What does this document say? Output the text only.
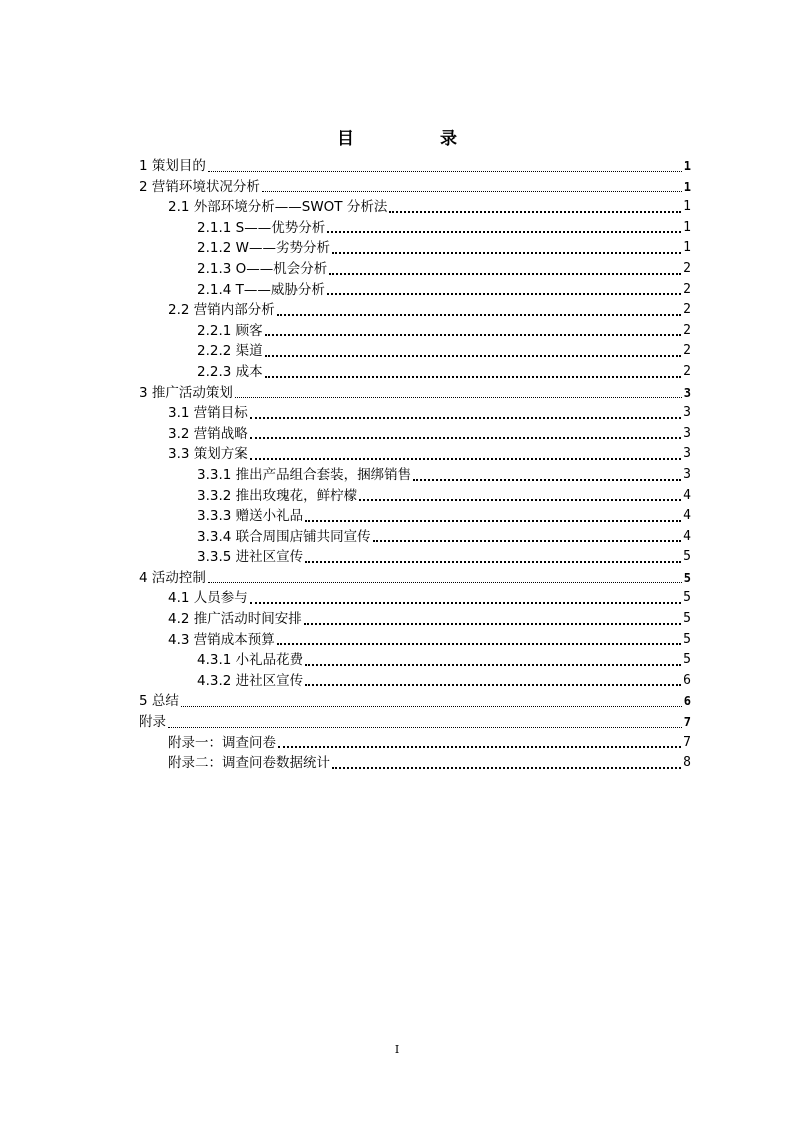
目 录
1 策划目的	1
2 营销环境状况分析	1
2.1 外部环境分析——SWOT 分析法	1
2.1.1 S——优势分析	1
2.1.2 W——劣势分析	1
2.1.3 O——机会分析	2
2.1.4 T——威胁分析	2
2.2 营销内部分析	2
2.2.1 顾客	2
2.2.2 渠道	2
2.2.3 成本	2
3 推广活动策划	3
3.1 营销目标	3
3.2 营销战略	3
3.3 策划方案	3
3.3.1 推出产品组合套装，捆绑销售	3
3.3.2 推出玫瑰花，鲜柠檬	4
3.3.3 赠送小礼品	4
3.3.4 联合周围店铺共同宣传	4
3.3.5 进社区宣传	5
4 活动控制	5
4.1 人员参与	5
4.2 推广活动时间安排	5
4.3 营销成本预算	5
4.3.1 小礼品花费	5
4.3.2 进社区宣传	6
5 总结	6
附录	7
附录一：调查问卷	7
附录二：调查问卷数据统计	8
I
